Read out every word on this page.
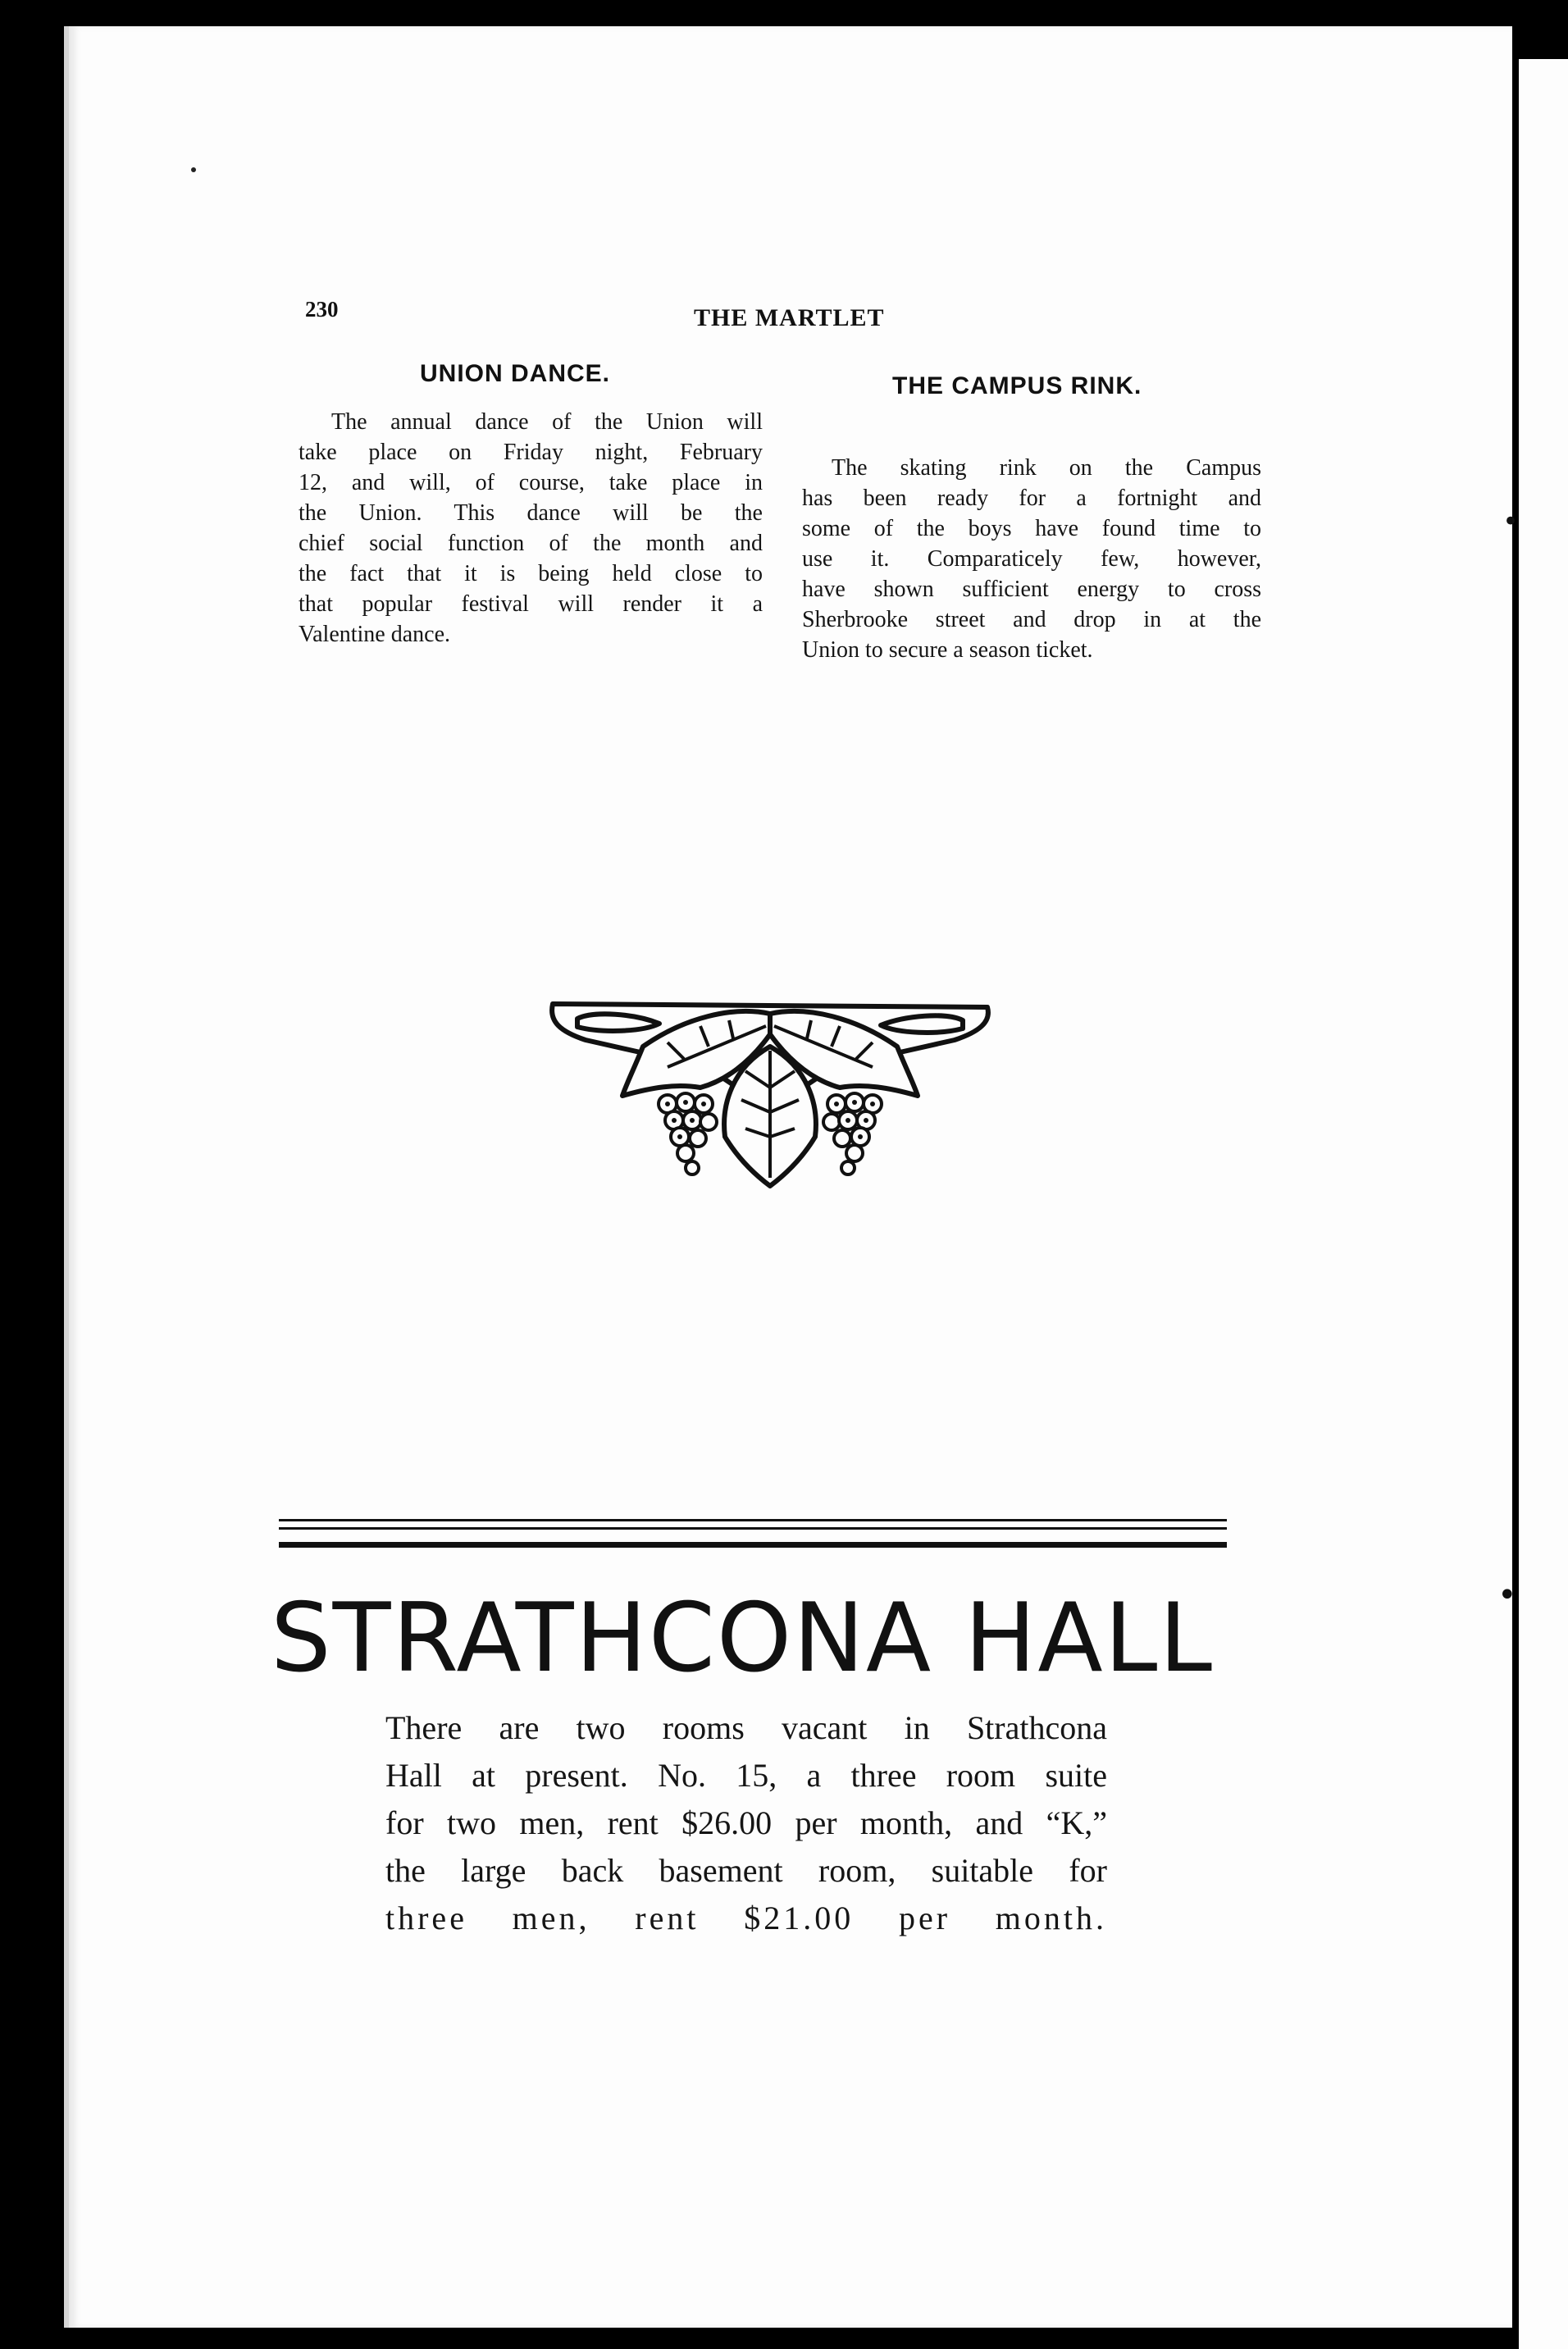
230	THE MARTLET
UNION DANCE.
The annual dance of the Union will
take place on Friday night, February
12, and will, of course, take place in
the Union. This dance will be the
chief social function of the month and
the fact that it is being held close to
that popular festival will render it a
Valentine dance.
THE CAMPUS RINK.
The skating rink on the Campus
has been ready for a fortnight and
some of the boys have found time to
use it. Comparaticely few, however,
have shown sufficient energy to cross
Sherbrooke street and drop in at the
Union to secure a season ticket.
STRATHCONA HALL
There are two rooms vacant in Strathcona
Hall at present. No. 15, a three room suite
for two men, rent $26.00 per month, and “K,”
the large back basement room, suitable for
three men, rent $21.00 per month.
•
•
